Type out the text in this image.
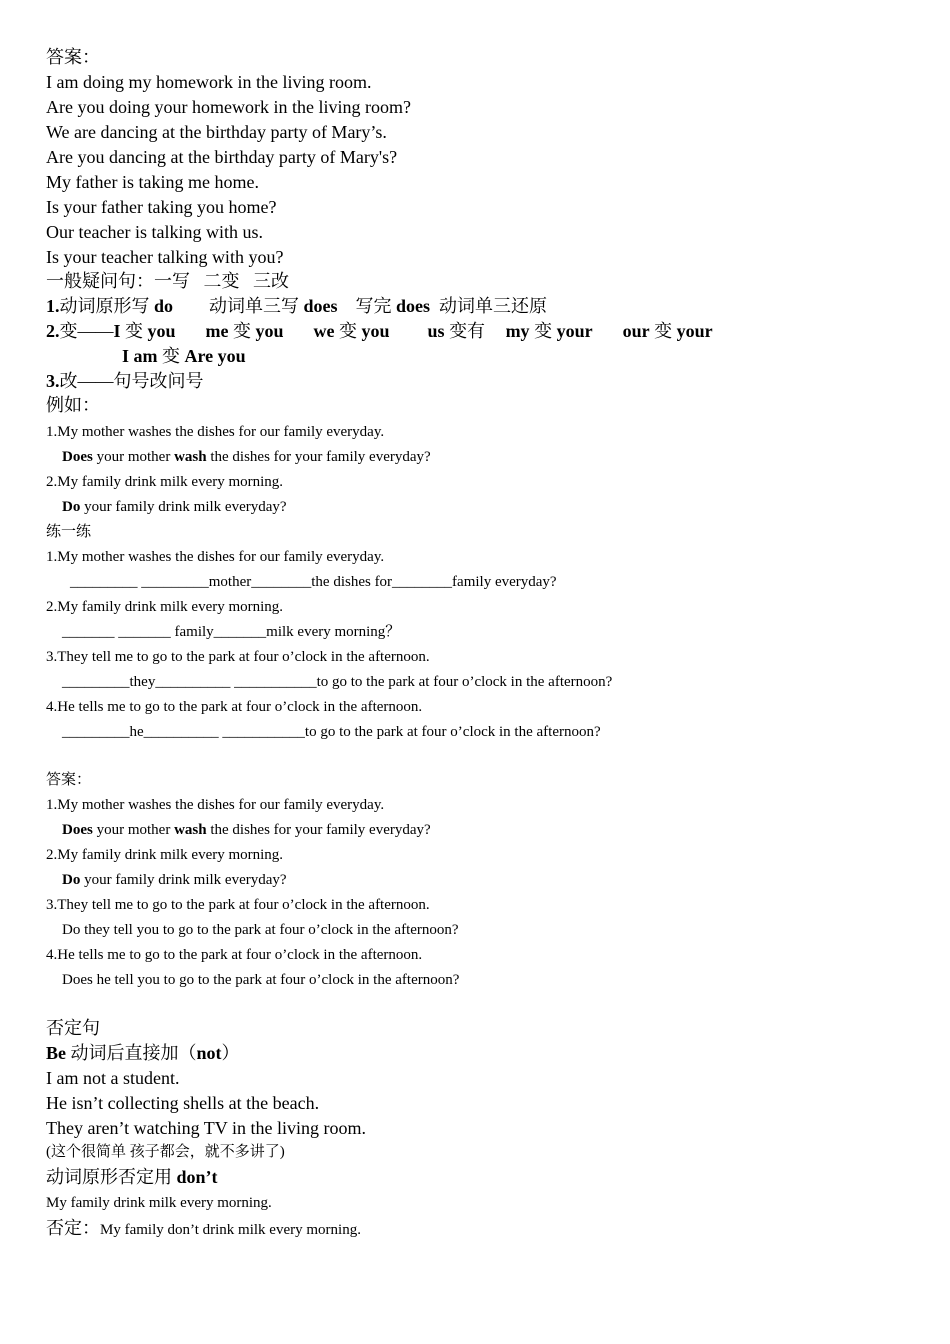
答案：
I am doing my homework in the living room.
Are you doing your homework in the living room?
We are dancing at the birthday party of Mary’s.
Are you dancing at the birthday party of Mary's?
My father is taking me home.
Is your father taking you home?
Our teacher is talking with us.
Is your teacher talking with you?
一般疑问句：一写   二变   三改
1.动词原形写 do        动词单三写 does    写完 does  动词单三还原
2.变——I 变 you me 变 you we 变 you us 变有 my 变 your our 变 your
I am 变 Are you
3.改——句号改问号
例如：
1.My mother washes the dishes for our family everyday.
Does your mother wash the dishes for your family everyday?
2.My family drink milk every morning.
Do your family drink milk everyday?
练一练
1.My mother washes the dishes for our family everyday.
_________ _________mother________the dishes for________family everyday?
2.My family drink milk every morning.
_______ _______ family_______milk every morning？
3.They tell me to go to the park at four o’clock in the afternoon.
_________they__________ ___________to go to the park at four o’clock in the afternoon?
4.He tells me to go to the park at four o’clock in the afternoon.
_________he__________ ___________to go to the park at four o’clock in the afternoon?
答案：
1.My mother washes the dishes for our family everyday.
Does your mother wash the dishes for your family everyday?
2.My family drink milk every morning.
Do your family drink milk everyday?
3.They tell me to go to the park at four o’clock in the afternoon.
Do they tell you to go to the park at four o’clock in the afternoon?
4.He tells me to go to the park at four o’clock in the afternoon.
Does he tell you to go to the park at four o’clock in the afternoon?
否定句
Be 动词后直接加（not）
I am not a student.
He isn’t collecting shells at the beach.
They aren’t watching TV in the living room.
(这个很简单 孩子都会，就不多讲了)
动词原形否定用 don’t
My family drink milk every morning.
否定：My family don’t drink milk every morning.
